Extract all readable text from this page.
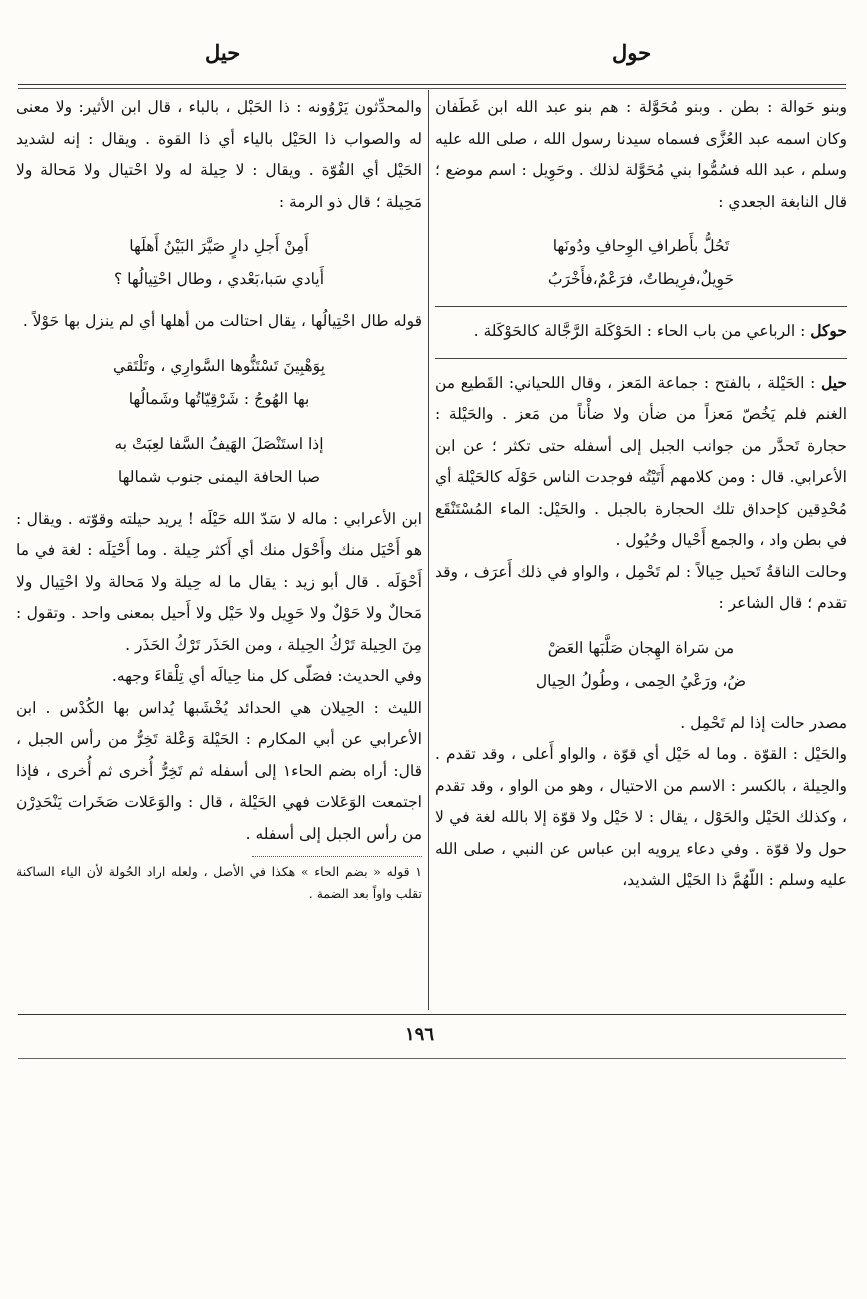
حول
حيل

وبنو حَوالة : بطن . وبنو مُحَوَّلة : هم بنو عبد الله ابن غَطَفان وكان اسمه عبد العُزَّى فسماه سيدنا رسول الله ، صلى الله عليه وسلم ، عبد الله فسُمُّوا بني مُحَوَّلة لذلك . وحَوِيل : اسم موضع ؛ قال النابغة الجعدي :

تَحُلُّ بأَطرافِ الوِحافِ ودُونَها
حَوِيلٌ،فرِيطاتٌ، فرَعْمٌ،فأَخْرَبُ

حوكل : الرباعي من باب الحاء : الحَوْكَلة الرَّجَّالة كالحَوْكَلة .

حيل : الحَيْلة ، بالفتح : جماعة المَعز ، وقال اللحياني: القَطيع من الغنم فلم يَخُصّ مَعزاً من ضأن ولا ضأْناً من مَعز . والحَيْلة : حجارة تَحدَّر من جوانب الجبل إلى أسفله حتى تكثر ؛ عن ابن الأعرابي. قال : ومن كلامهم أَتَيْتُه فوجدت الناس حَوْلَه كالحَيْلة أي مُحْدِقين كإحداق تلك الحجارة بالجبل . والحَيْل: الماء المُسْتَنْقَع في بطن واد ، والجمع أَحْيال وحُيُول .

وحالت الناقةُ تَحيل حِيالاً : لم تَحْمِل ، والواو في ذلك أَعرَف ، وقد تقدم ؛ قال الشاعر :

من سَراة الهِجان صَلَّبَها العَضْ
ضُ، ورَعْيُ الحِمى ، وطُولُ الحِيال

مصدر حالت إذا لم تَحْمِل .

والحَيْل : القوّة . وما له حَيْل أي قوّة ، والواو أَعلى ، وقد تقدم . والحِيلة ، بالكسر : الاسم من الاحتيال ، وهو من الواو ، وقد تقدم ، وكذلك الحَيْل والحَوْل ، يقال : لا حَيْل ولا قوّة إلا بالله لغة في لا حول ولا قوّة . وفي دعاء يرويه ابن عباس عن النبي ، صلى الله عليه وسلم : اللّهُمَّ ذا الحَيْل الشديد،

والمحدِّثون يَرْوُونه : ذا الحَبْل ، بالباء ، قال ابن الأثير: ولا معنى له والصواب ذا الحَيْل بالياء أي ذا القوة . ويقال : إنه لشديد الحَيْل أي القُوّة . ويقال : لا حِيلة له ولا احْتيال ولا مَحالة ولا مَحِيلة ؛ قال ذو الرمة :

أَمِنْ أَجلِ دارٍ صَيَّرَ البَيْنُ أَهلَها
أَيادي سَبا،بَعْدي ، وطال احْتِيالُها ؟

قوله طال احْتِيالُها ، يقال احتالت من أهلها أي لم ينزل بها حَوْلاً .

بِوَهْبِينَ تَسْتَنُّوها السَّوارِي ، وتَلْتَقي
بها الهُوجُ : شَرْقِيّاتُها وشَمالُها
إذا استَنْصَلَ الهَيفُ السَّفا لعِبَتْ به
صبا الحافة اليمنى جنوب شمالها

ابن الأعرابي : ماله لا سَدّ الله حَيْلَه ! يريد حيلته وقوّته . ويقال : هو أَحْيَل منك وأَحْوَل منك أي أَكثر حِيلة . وما أَحْيَلَه : لغة في ما أَحْوَلَه . قال أبو زيد : يقال ما له حِيلة ولا مَحالة ولا احْتِيال ولا مَحالٌ ولا حَوْلٌ ولا حَوِيل ولا حَيْل ولا أَحيل بمعنى واحد . وتقول : مِنَ الحِيلة تَرْكُ الحِيلة ، ومن الحَذَر تَرْكُ الحَذَر .

وفي الحديث: فصَلّى كل منا حِيالَه أي تِلْقاءَ وجهه.

الليث : الحِيلان هي الحدائد يُخْشَبها يُداس بها الكُدْس . ابن الأعرابي عن أبي المكارم : الحَيْلة وَعْلة تَخِرُّ من رأس الجبل ، قال: أراه بضم الحاء١ إلى أسفله ثم تَخِرُّ أُخرى ثم أُخرى ، فإذا اجتمعت الوَعَلات فهي الحَيْلة ، قال : والوَعَلات صَخَرات يَنْحَدِرْن من رأس الجبل إلى أسفله .

١ قوله « بضم الحاء » هكذا في الأصل ، ولعله اراد الحُولة لأن الياء الساكنة تقلب واواً بعد الضمة .

١٩٦
